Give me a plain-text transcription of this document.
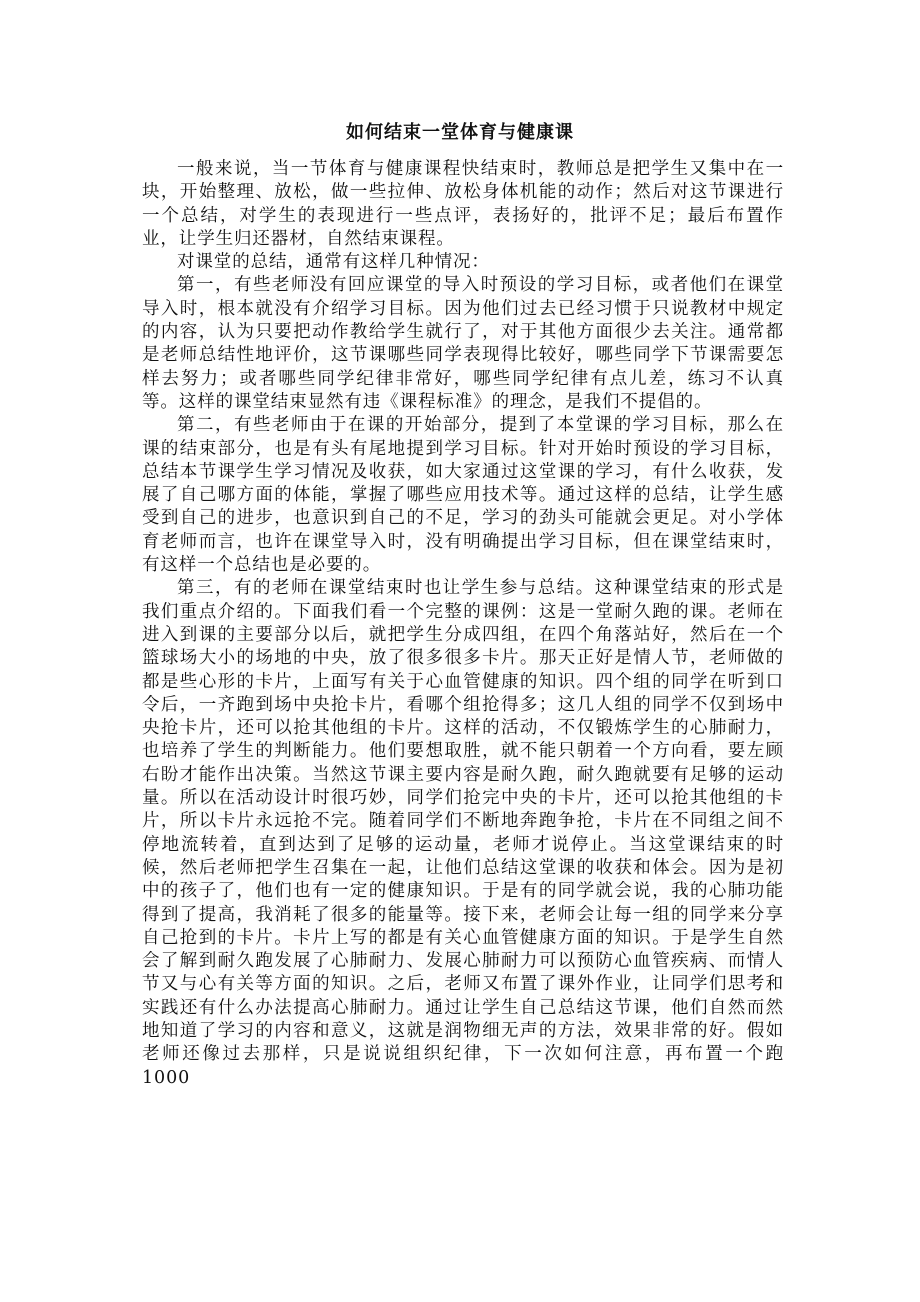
如何结束一堂体育与健康课

一般来说，当一节体育与健康课程快结束时，教师总是把学生又集中在一块，开始整理、放松，做一些拉伸、放松身体机能的动作；然后对这节课进行一个总结，对学生的表现进行一些点评，表扬好的，批评不足；最后布置作业，让学生归还器材，自然结束课程。

对课堂的总结，通常有这样几种情况：

第一，有些老师没有回应课堂的导入时预设的学习目标，或者他们在课堂导入时，根本就没有介绍学习目标。因为他们过去已经习惯于只说教材中规定的内容，认为只要把动作教给学生就行了，对于其他方面很少去关注。通常都是老师总结性地评价，这节课哪些同学表现得比较好，哪些同学下节课需要怎样去努力；或者哪些同学纪律非常好，哪些同学纪律有点儿差，练习不认真等。这样的课堂结束显然有违《课程标准》的理念，是我们不提倡的。

第二，有些老师由于在课的开始部分，提到了本堂课的学习目标，那么在课的结束部分，也是有头有尾地提到学习目标。针对开始时预设的学习目标，总结本节课学生学习情况及收获，如大家通过这堂课的学习，有什么收获，发展了自己哪方面的体能，掌握了哪些应用技术等。通过这样的总结，让学生感受到自己的进步，也意识到自己的不足，学习的劲头可能就会更足。对小学体育老师而言，也许在课堂导入时，没有明确提出学习目标，但在课堂结束时，有这样一个总结也是必要的。

第三，有的老师在课堂结束时也让学生参与总结。这种课堂结束的形式是我们重点介绍的。下面我们看一个完整的课例：这是一堂耐久跑的课。老师在进入到课的主要部分以后，就把学生分成四组，在四个角落站好，然后在一个篮球场大小的场地的中央，放了很多很多卡片。那天正好是情人节，老师做的都是些心形的卡片，上面写有关于心血管健康的知识。四个组的同学在听到口令后，一齐跑到场中央抢卡片，看哪个组抢得多；这几人组的同学不仅到场中央抢卡片，还可以抢其他组的卡片。这样的活动，不仅锻炼学生的心肺耐力，也培养了学生的判断能力。他们要想取胜，就不能只朝着一个方向看，要左顾右盼才能作出决策。当然这节课主要内容是耐久跑，耐久跑就要有足够的运动量。所以在活动设计时很巧妙，同学们抢完中央的卡片，还可以抢其他组的卡片，所以卡片永远抢不完。随着同学们不断地奔跑争抢，卡片在不同组之间不停地流转着，直到达到了足够的运动量，老师才说停止。当这堂课结束的时候，然后老师把学生召集在一起，让他们总结这堂课的收获和体会。因为是初中的孩子了，他们也有一定的健康知识。于是有的同学就会说，我的心肺功能得到了提高，我消耗了很多的能量等。接下来，老师会让每一组的同学来分享自己抢到的卡片。卡片上写的都是有关心血管健康方面的知识。于是学生自然会了解到耐久跑发展了心肺耐力、发展心肺耐力可以预防心血管疾病、而情人节又与心有关等方面的知识。之后，老师又布置了课外作业，让同学们思考和实践还有什么办法提高心肺耐力。通过让学生自己总结这节课，他们自然而然地知道了学习的内容和意义，这就是润物细无声的方法，效果非常的好。假如老师还像过去那样，只是说说组织纪律，下一次如何注意，再布置一个跑 1000
